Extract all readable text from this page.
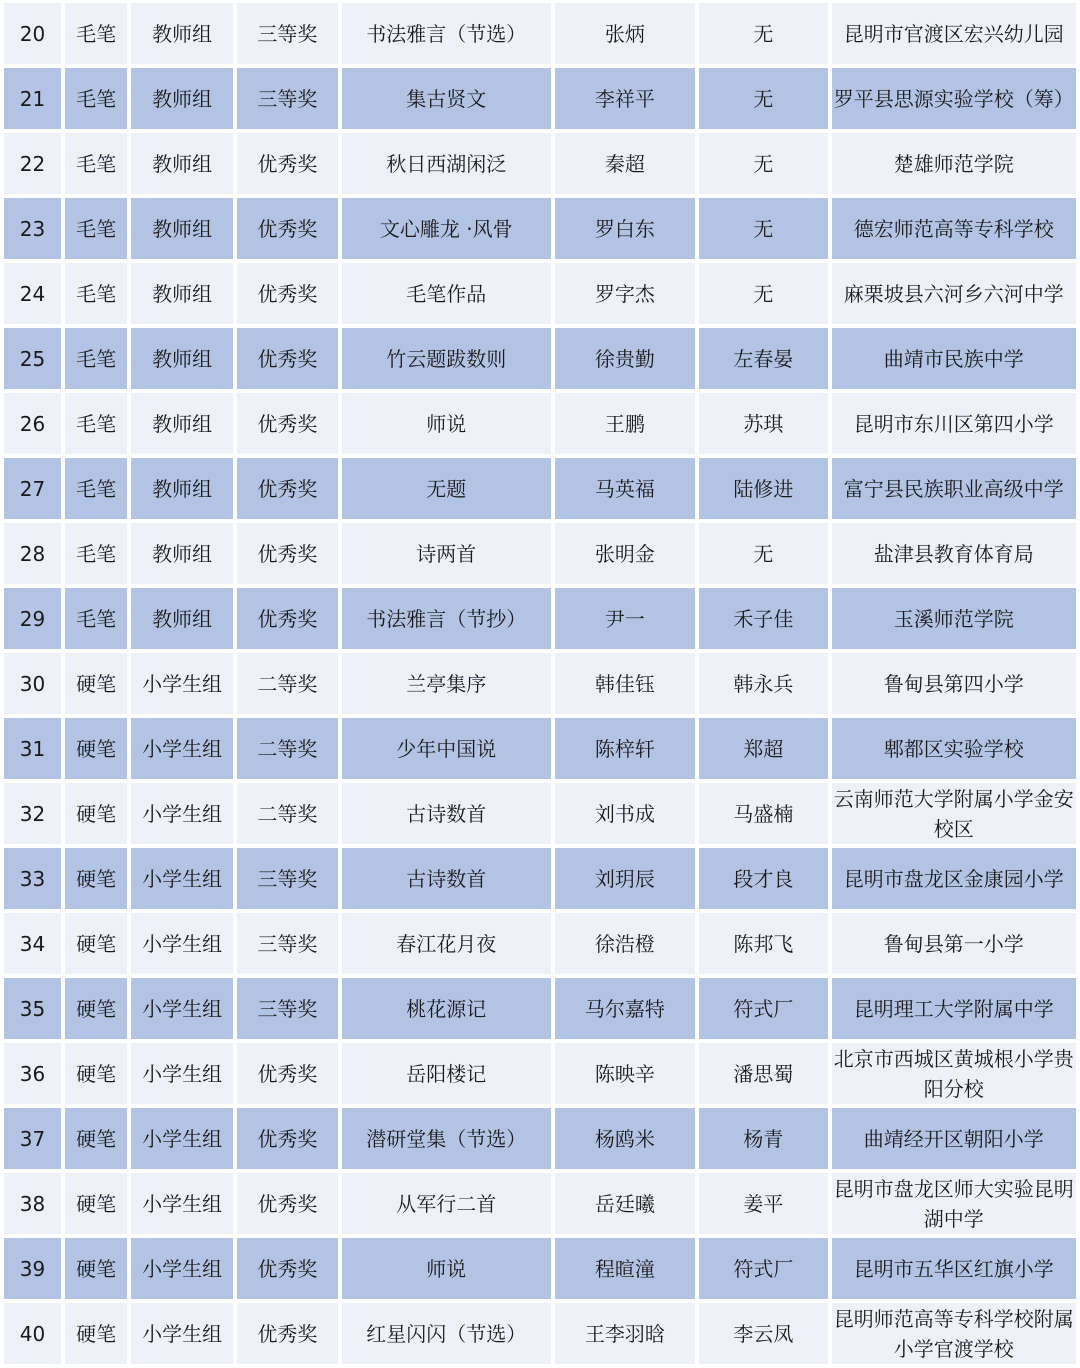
20	毛笔	教师组	三等奖	书法雅言（节选）	张炳	无	昆明市官渡区宏兴幼儿园
21	毛笔	教师组	三等奖	集古贤文	李祥平	无	罗平县思源实验学校（筹）
22	毛笔	教师组	优秀奖	秋日西湖闲泛	秦超	无	楚雄师范学院
23	毛笔	教师组	优秀奖	文心雕龙 ·风骨	罗白东	无	德宏师范高等专科学校
24	毛笔	教师组	优秀奖	毛笔作品	罗字杰	无	麻栗坡县六河乡六河中学
25	毛笔	教师组	优秀奖	竹云题跋数则	徐贵勤	左春晏	曲靖市民族中学
26	毛笔	教师组	优秀奖	师说	王鹏	苏琪	昆明市东川区第四小学
27	毛笔	教师组	优秀奖	无题	马英福	陆修进	富宁县民族职业高级中学
28	毛笔	教师组	优秀奖	诗两首	张明金	无	盐津县教育体育局
29	毛笔	教师组	优秀奖	书法雅言（节抄）	尹一	禾子佳	玉溪师范学院
30	硬笔	小学生组	二等奖	兰亭集序	韩佳钰	韩永兵	鲁甸县第四小学
31	硬笔	小学生组	二等奖	少年中国说	陈梓轩	郑超	郫都区实验学校
32	硬笔	小学生组	二等奖	古诗数首	刘书成	马盛楠	云南师范大学附属小学金安校区
33	硬笔	小学生组	三等奖	古诗数首	刘玥辰	段才良	昆明市盘龙区金康园小学
34	硬笔	小学生组	三等奖	春江花月夜	徐浩橙	陈邦飞	鲁甸县第一小学
35	硬笔	小学生组	三等奖	桃花源记	马尔嘉特	符式厂	昆明理工大学附属中学
36	硬笔	小学生组	优秀奖	岳阳楼记	陈映辛	潘思蜀	北京市西城区黄城根小学贵阳分校
37	硬笔	小学生组	优秀奖	潜研堂集（节选）	杨鸥米	杨青	曲靖经开区朝阳小学
38	硬笔	小学生组	优秀奖	从军行二首	岳廷曦	姜平	昆明市盘龙区师大实验昆明湖中学
39	硬笔	小学生组	优秀奖	师说	程暄潼	符式厂	昆明市五华区红旗小学
40	硬笔	小学生组	优秀奖	红星闪闪（节选）	王李羽晗	李云凤	昆明师范高等专科学校附属小学官渡学校
